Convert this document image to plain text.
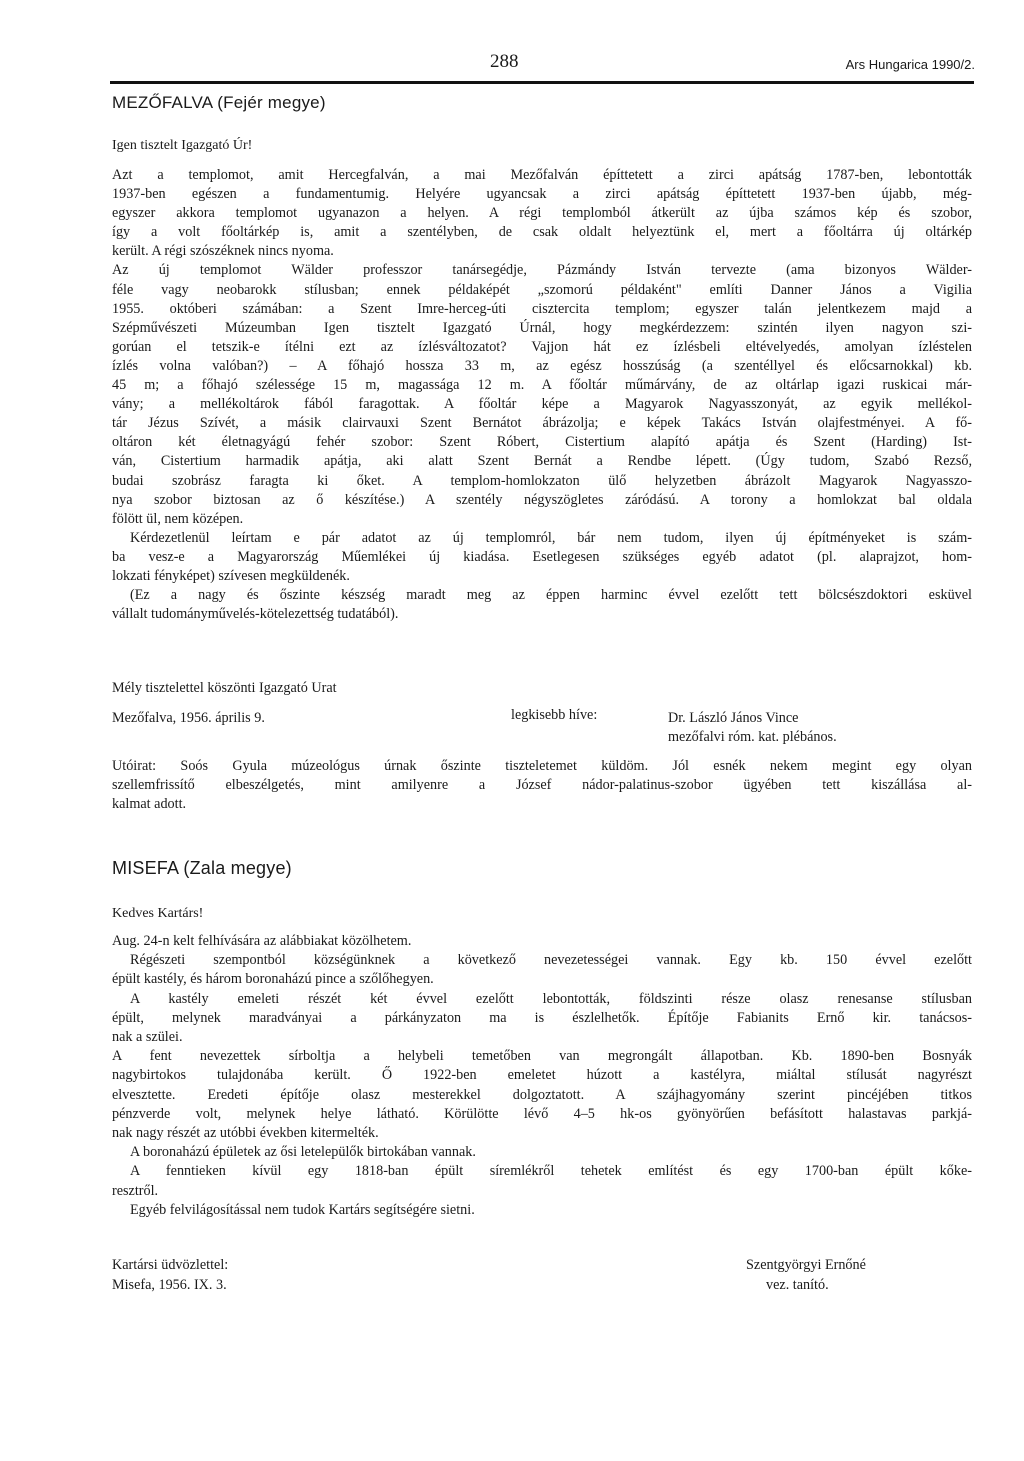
288	Ars Hungarica 1990/2.
MEZŐFALVA (Fejér megye)
Igen tisztelt Igazgató Úr!
Azt a templomot, amit Hercegfalván, a mai Mezőfalván építtetett a zirci apátság 1787-ben, lebontották
1937-ben egészen a fundamentumig. Helyére ugyancsak a zirci apátság építtetett 1937-ben újabb, még-
egyszer akkora templomot ugyanazon a helyen. A régi templomból átkerült az újba számos kép és szobor,
így a volt főoltárkép is, amit a szentélyben, de csak oldalt helyeztünk el, mert a főoltárra új oltárkép
került. A régi szószéknek nincs nyoma.
Az új templomot Wälder professzor tanársegédje, Pázmándy István tervezte (ama bizonyos Wälder-
féle vagy neobarokk stílusban; ennek példaképét „szomorú példaként" említi Danner János a Vigilia
1955. októberi számában: a Szent Imre-herceg-úti cisztercita templom; egyszer talán jelentkezem majd a
Szépművészeti Múzeumban Igen tisztelt Igazgató Úrnál, hogy megkérdezzem: szintén ilyen nagyon szi-
gorúan el tetszik-e ítélni ezt az ízlésváltozatot? Vajjon hát ez ízlésbeli eltévelyedés, amolyan ízléstelen
ízlés volna valóban?) – A főhajó hossza 33 m, az egész hosszúság (a szentéllyel és előcsarnokkal) kb.
45 m; a főhajó szélessége 15 m, magassága 12 m. A főoltár műmárvány, de az oltárlap igazi ruskicai már-
vány; a mellékoltárok fából faragottak. A főoltár képe a Magyarok Nagyasszonyát, az egyik mellékol-
tár Jézus Szívét, a másik clairvauxi Szent Bernátot ábrázolja; e képek Takács István olajfestményei. A fő-
oltáron két életnagyágú fehér szobor: Szent Róbert, Cistertium alapító apátja és Szent (Harding) Ist-
ván, Cistertium harmadik apátja, aki alatt Szent Bernát a Rendbe lépett. (Úgy tudom, Szabó Rezső,
budai szobrász faragta ki őket. A templom-homlokzaton ülő helyzetben ábrázolt Magyarok Nagyasszo-
nya szobor biztosan az ő készítése.) A szentély négyszögletes záródású. A torony a homlokzat bal oldala
fölött ül, nem középen.
Kérdezetlenül leírtam e pár adatot az új templomról, bár nem tudom, ilyen új építményeket is szám-
ba vesz-e a Magyarország Műemlékei új kiadása. Esetlegesen szükséges egyéb adatot (pl. alaprajzot, hom-
lokzati fényképet) szívesen megküldenék.
(Ez a nagy és őszinte készség maradt meg az éppen harminc évvel ezelőtt tett bölcsészdoktori esküvel
vállalt tudományművelés-kötelezettség tudatából).
Mély tisztelettel köszönti Igazgató Urat
Mezőfalva, 1956. április 9.	legkisebb híve:	Dr. László János Vince
mezőfalvi róm. kat. plébános.
Utóirat: Soós Gyula múzeológus úrnak őszinte tiszteletemet küldöm. Jól esnék nekem megint egy olyan
szellemfrissítő elbeszélgetés, mint amilyenre a József nádor-palatinus-szobor ügyében tett kiszállása al-
kalmat adott.
MISEFA (Zala megye)
Kedves Kartárs!
Aug. 24-n kelt felhívására az alábbiakat közölhetem.
Régészeti szempontból községünknek a következő nevezetességei vannak. Egy kb. 150 évvel ezelőtt
épült kastély, és három boronaházú pince a szőlőhegyen.
A kastély emeleti részét két évvel ezelőtt lebontották, földszinti része olasz renesanse stílusban
épült, melynek maradványai a párkányzaton ma is észlelhetők. Építője Fabianits Ernő kir. tanácsos-
nak a szülei.
A fent nevezettek sírboltja a helybeli temetőben van megrongált állapotban. Kb. 1890-ben Bosnyák
nagybirtokos tulajdonába került. Ő 1922-ben emeletet húzott a kastélyra, miáltal stílusát nagyrészt
elvesztette. Eredeti építője olasz mesterekkel dolgoztatott. A szájhagyomány szerint pincéjében titkos
pénzverde volt, melynek helye látható. Körülötte lévő 4–5 hk-os gyönyörűen befásított halastavas parkjá-
nak nagy részét az utóbbi években kitermelték.
A boronaházú épületek az ősi letelepülők birtokában vannak.
A fenntieken kívül egy 1818-ban épült síremlékről tehetek említést és egy 1700-ban épült kőke-
resztről.
Egyéb felvilágosítással nem tudok Kartárs segítségére sietni.
Kartársi üdvözlettel:
Misefa, 1956. IX. 3.
Szentgyörgyi Ernőné
vez. tanító.
